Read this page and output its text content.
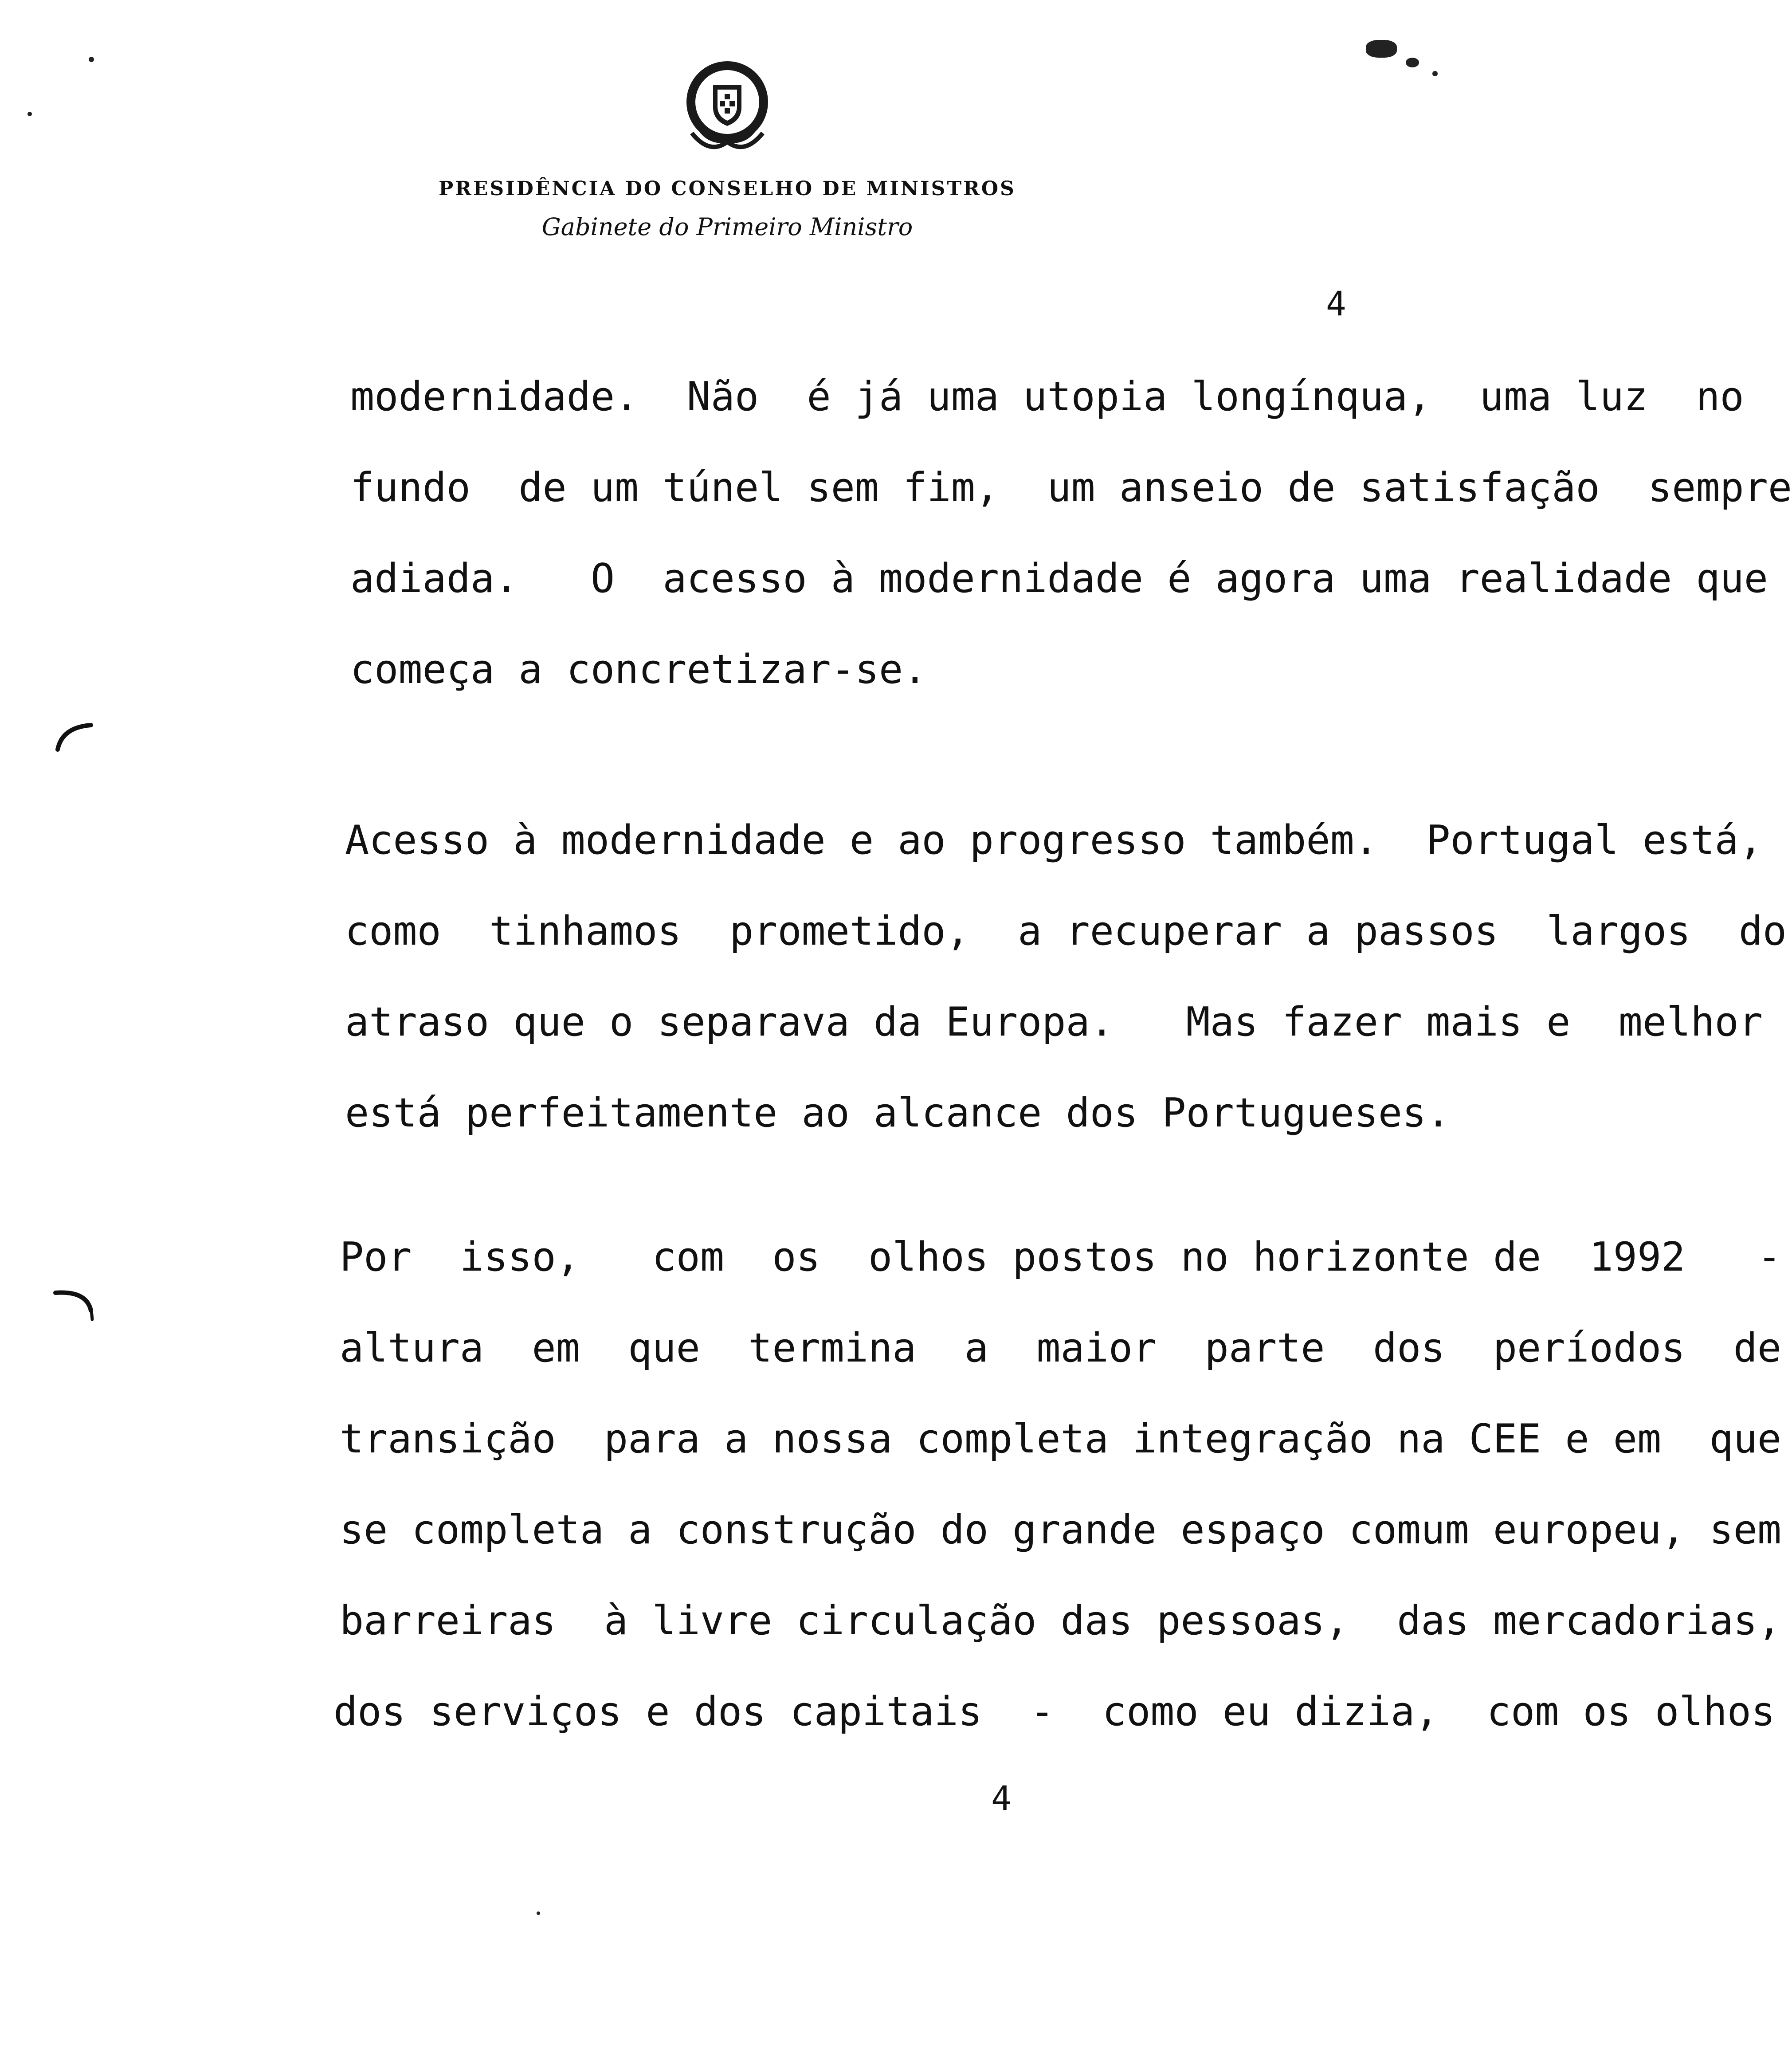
PRESIDÊNCIA DO CONSELHO DE MINISTROS
Gabinete do Primeiro Ministro
4
modernidade.  Não  é já uma utopia longínqua,  uma luz  no
fundo  de um túnel sem fim,  um anseio de satisfação  sempre
adiada.   O  acesso à modernidade é agora uma realidade que
começa a concretizar-se.
Acesso à modernidade e ao progresso também.  Portugal está,
como  tinhamos  prometido,  a recuperar a passos  largos  do
atraso que o separava da Europa.   Mas fazer mais e  melhor
está perfeitamente ao alcance dos Portugueses.
Por  isso,   com  os  olhos postos no horizonte de  1992   -
altura  em  que  termina  a  maior  parte  dos  períodos  de
transição  para a nossa completa integração na CEE e em  que
se completa a construção do grande espaço comum europeu, sem
barreiras  à livre circulação das pessoas,  das mercadorias,
dos serviços e dos capitais  -  como eu dizia,  com os olhos
4
